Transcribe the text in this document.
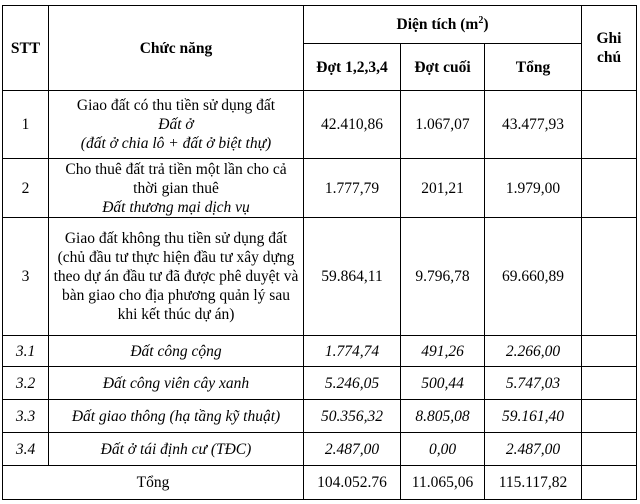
STT	Chức năng	Diện tích $(m^2)$			Ghi chú
		Đợt 1,2,3,4	Đợt cuối	Tổng	
1	Giao đất có thu tiền sử dụng đất
Đất ở
(đất ở chia lô + đất ở biệt thự)	42.410,86	1.067,07	43.477,93	
2	Cho thuê đất trả tiền một lần cho cả thời gian thuê
Đất thương mại dịch vụ	1.777,79	201,21	1.979,00	
3	Giao đất không thu tiền sử dụng đất (chủ đầu tư thực hiện đầu tư xây dựng theo dự án đầu tư đã được phê duyệt và bàn giao cho địa phương quản lý sau khi kết thúc dự án)	59.864,11	9.796,78	69.660,89	
3.1	Đất công cộng	1.774,74	491,26	2.266,00	
3.2	Đất công viên cây xanh	5.246,05	500,44	5.747,03	
3.3	Đất giao thông (hạ tầng kỹ thuật)	50.356,32	8.805,08	59.161,40	
3.4	Đất ở tái định cư (TĐC)	2.487,00	0,00	2.487,00	
Tổng		104.052.76	11.065,06	115.117,82	
